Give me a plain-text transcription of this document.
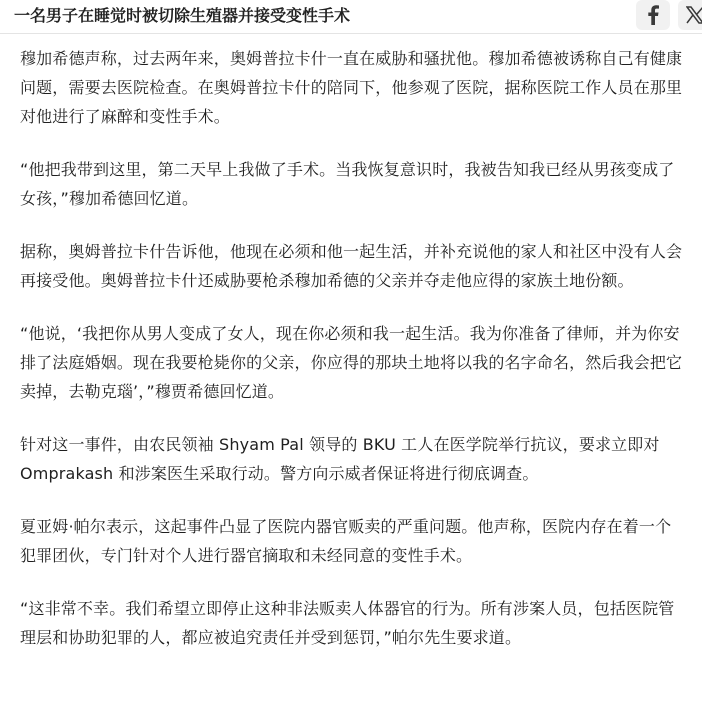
一名男子在睡觉时被切除生殖器并接受变性手术

穆加希德声称，过去两年来，奥姆普拉卡什一直在威胁和骚扰他。穆加希德被诱称自己有健康问题，需要去医院检查。在奥姆普拉卡什的陪同下，他参观了医院，据称医院工作人员在那里对他进行了麻醉和变性手术。

“他把我带到这里，第二天早上我做了手术。当我恢复意识时，我被告知我已经从男孩变成了女孩，”穆加希德回忆道。

据称，奥姆普拉卡什告诉他，他现在必须和他一起生活，并补充说他的家人和社区中没有人会再接受他。奥姆普拉卡什还威胁要枪杀穆加希德的父亲并夺走他应得的家族土地份额。

“他说，‘我把你从男人变成了女人，现在你必须和我一起生活。我为你准备了律师，并为你安排了法庭婚姻。现在我要枪毙你的父亲，你应得的那块土地将以我的名字命名，然后我会把它卖掉，去勒克瑙’，”穆贾希德回忆道。

针对这一事件，由农民领袖 Shyam Pal 领导的 BKU 工人在医学院举行抗议，要求立即对 Omprakash 和涉案医生采取行动。警方向示威者保证将进行彻底调查。

夏亚姆·帕尔表示，这起事件凸显了医院内器官贩卖的严重问题。他声称，医院内存在着一个犯罪团伙，专门针对个人进行器官摘取和未经同意的变性手术。

“这非常不幸。我们希望立即停止这种非法贩卖人体器官的行为。所有涉案人员，包括医院管理层和协助犯罪的人，都应被追究责任并受到惩罚，”帕尔先生要求道。
